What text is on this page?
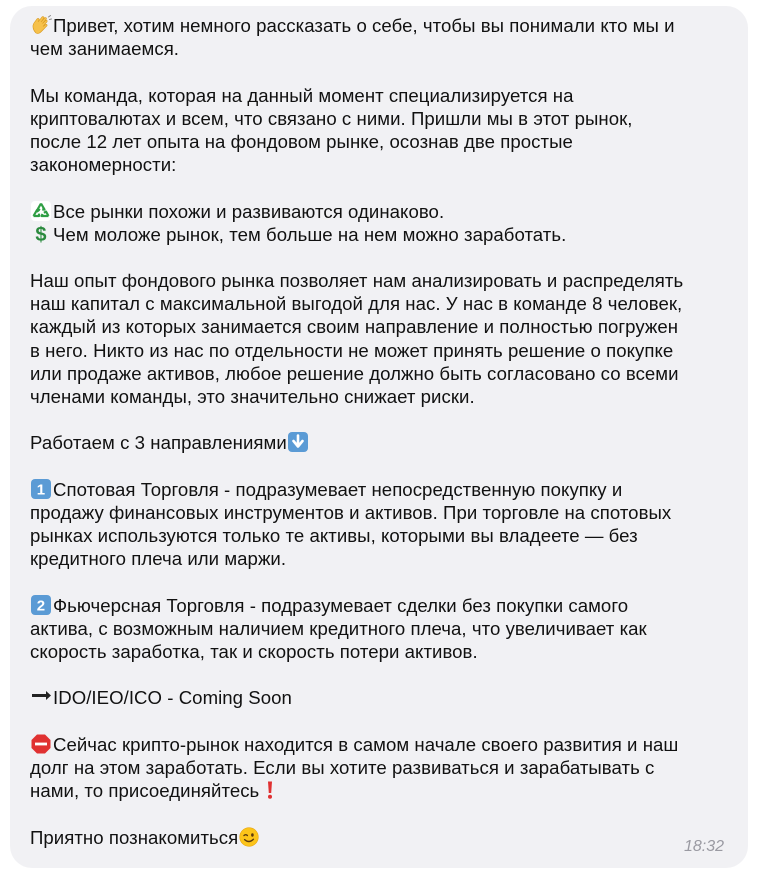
Привет, хотим немного рассказать о себе, чтобы вы понимали кто мы и
чем занимаемся.
Мы команда, которая на данный момент специализируется на
криптовалютах и всем, что связано с ними. Пришли мы в этот рынок,
после 12 лет опыта на фондовом рынке, осознав две простые
закономерности:
Все рынки похожи и развиваются одинаково.
$ Чем моложе рынок, тем больше на нем можно заработать.
Наш опыт фондового рынка позволяет нам анализировать и распределять
наш капитал с максимальной выгодой для нас. У нас в команде 8 человек,
каждый из которых занимается своим направление и полностью погружен
в него. Никто из нас по отдельности не может принять решение о покупке
или продаже активов, любое решение должно быть согласовано со всеми
членами команды, это значительно снижает риски.
Работаем с 3 направлениями
1 Спотовая Торговля - подразумевает непосредственную покупку и
продажу финансовых инструментов и активов. При торговле на спотовых
рынках используются только те активы, которыми вы владеете — без
кредитного плеча или маржи.
2 Фьючерсная Торговля - подразумевает сделки без покупки самого
актива, с возможным наличием кредитного плеча, что увеличивает как
скорость заработка, так и скорость потери активов.
IDO/IEO/ICO - Coming Soon
Сейчас крипто-рынок находится в самом начале своего развития и наш
долг на этом заработать. Если вы хотите развиваться и зарабатывать с
нами, то присоединяйтесь
Приятно познакомиться	18:32
